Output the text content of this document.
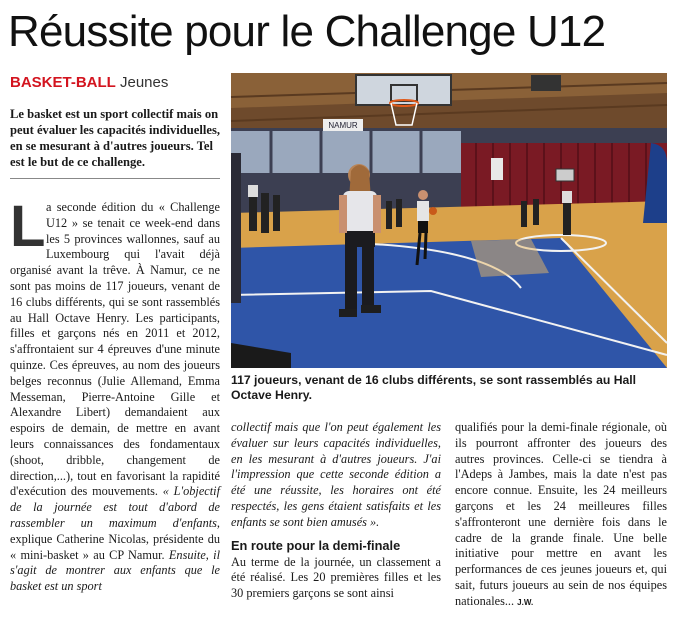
Réussite pour le Challenge U12
BASKET-BALL Jeunes
Le basket est un sport collectif mais on peut évaluer les capacités individuelles, en se mesurant à d'autres joueurs. Tel est le but de ce challenge.
NAMUR
117 joueurs, venant de 16 clubs différents, se sont rassemblés au Hall Octave Henry.
L a seconde édition du « Challenge U12 » se tenait ce week-end dans les 5 provinces wallonnes, sauf au Luxembourg qui l'avait déjà organisé avant la trêve. À Namur, ce ne sont pas moins de 117 joueurs, venant de 16 clubs différents, qui se sont rassemblés au Hall Octave Henry. Les participants, filles et garçons nés en 2011 et 2012, s'affrontaient sur 4 épreuves d'une minute quinze. Ces épreuves, au nom des joueurs belges reconnus (Julie Allemand, Emma Messeman, Pierre-Antoine Gille et Alexandre Libert) demandaient aux espoirs de demain, de mettre en avant leurs connaissances des fondamentaux (shoot, dribble, changement de direction,...), tout en favorisant la rapidité d'exécution des mouvements. « L'objectif de la journée est tout d'abord de rassembler un maximum d'enfants, explique Catherine Nicolas, présidente du « mini-basket » au CP Namur. Ensuite, il s'agit de montrer aux enfants que le basket est un sport
collectif mais que l'on peut également les évaluer sur leurs capacités individuelles, en les mesurant à d'autres joueurs. J'ai l'impression que cette seconde édition a été une réussite, les horaires ont été respectés, les gens étaient satisfaits et les enfants se sont bien amusés ».
En route pour la demi-finale
Au terme de la journée, un classement a été réalisé. Les 20 premières filles et les 30 premiers garçons se sont ainsi
qualifiés pour la demi-finale régionale, où ils pourront affronter des joueurs des autres provinces. Celle-ci se tiendra à l'Adeps à Jambes, mais la date n'est pas encore connue. Ensuite, les 24 meilleurs garçons et les 24 meilleures filles s'affronteront une dernière fois dans le cadre de la grande finale. Une belle initiative pour mettre en avant les performances de ces jeunes joueurs et, qui sait, futurs joueurs au sein de nos équipes nationales... J.W.
